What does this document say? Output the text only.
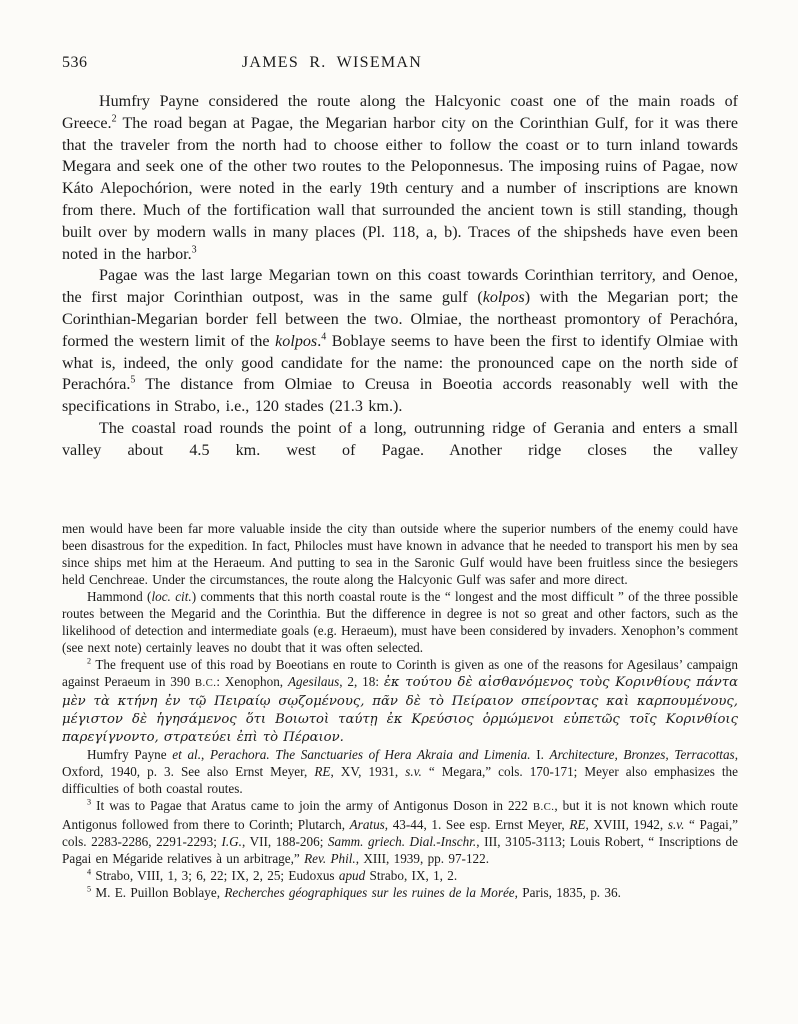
536	JAMES R. WISEMAN

Humfry Payne considered the route along the Halcyonic coast one of the main roads of Greece.$^2$ The road began at Pagae, the Megarian harbor city on the Corinthian Gulf, for it was there that the traveler from the north had to choose either to follow the coast or to turn inland towards Megara and seek one of the other two routes to the Peloponnesus. The imposing ruins of Pagae, now Káto Alepochórion, were noted in the early 19th century and a number of inscriptions are known from there. Much of the fortification wall that surrounded the ancient town is still standing, though built over by modern walls in many places (Pl. 118, a, b). Traces of the shipsheds have even been noted in the harbor.$^3$

Pagae was the last large Megarian town on this coast towards Corinthian territory, and Oenoe, the first major Corinthian outpost, was in the same gulf (kolpos) with the Megarian port; the Corinthian-Megarian border fell between the two. Olmiae, the northeast promontory of Perachóra, formed the western limit of the kolpos.$^4$ Boblaye seems to have been the first to identify Olmiae with what is, indeed, the only good candidate for the name: the pronounced cape on the north side of Perachóra.$^5$ The distance from Olmiae to Creusa in Boeotia accords reasonably well with the specifications in Strabo, i.e., 120 stades (21.3 km.).

The coastal road rounds the point of a long, outrunning ridge of Gerania and enters a small valley about 4.5 km. west of Pagae. Another ridge closes the valley

men would have been far more valuable inside the city than outside where the superior numbers of the enemy could have been disastrous for the expedition. In fact, Philocles must have known in advance that he needed to transport his men by sea since ships met him at the Heraeum. And putting to sea in the Saronic Gulf would have been fruitless since the besiegers held Cenchreae. Under the circumstances, the route along the Halcyonic Gulf was safer and more direct.

Hammond (loc. cit.) comments that this north coastal route is the “ longest and the most difficult ” of the three possible routes between the Megarid and the Corinthia. But the difference in degree is not so great and other factors, such as the likelihood of detection and intermediate goals (e.g. Heraeum), must have been considered by invaders. Xenophon’s comment (see next note) certainly leaves no doubt that it was often selected.

$^2$ The frequent use of this road by Boeotians en route to Corinth is given as one of the reasons for Agesilaus’ campaign against Peraeum in 390 B.C.: Xenophon, Agesilaus, 2, 18: ἐκ τούτου δὲ αἰσθανόμενος τοὺς Κορινθίους πάντα μὲν τὰ κτήνη ἐν τῷ Πειραίῳ σῳζομένους, πᾶν δὲ τὸ Πείραιον σπείροντας καὶ καρπουμένους, μέγιστον δὲ ἡγησάμενος ὅτι Βοιωτοὶ ταύτῃ ἐκ Κρεύσιος ὁρμώμενοι εὐπετῶς τοῖς Κορινθίοις παρεγίγνοντο, στρατεύει ἐπὶ τὸ Πέραιον.

Humfry Payne et al., Perachora. The Sanctuaries of Hera Akraia and Limenia. I. Architecture, Bronzes, Terracottas, Oxford, 1940, p. 3. See also Ernst Meyer, RE, XV, 1931, s.v. “ Megara,” cols. 170-171; Meyer also emphasizes the difficulties of both coastal routes.

$^3$ It was to Pagae that Aratus came to join the army of Antigonus Doson in 222 B.C., but it is not known which route Antigonus followed from there to Corinth; Plutarch, Aratus, 43-44, 1. See esp. Ernst Meyer, RE, XVIII, 1942, s.v. “ Pagai,” cols. 2283-2286, 2291-2293; I.G., VII, 188-206; Samm. griech. Dial.-Inschr., III, 3105-3113; Louis Robert, “ Inscriptions de Pagai en Mégaride relatives à un arbitrage,” Rev. Phil., XIII, 1939, pp. 97-122.

$^4$ Strabo, VIII, 1, 3; 6, 22; IX, 2, 25; Eudoxus apud Strabo, IX, 1, 2.

$^5$ M. E. Puillon Boblaye, Recherches géographiques sur les ruines de la Morée, Paris, 1835, p. 36.
